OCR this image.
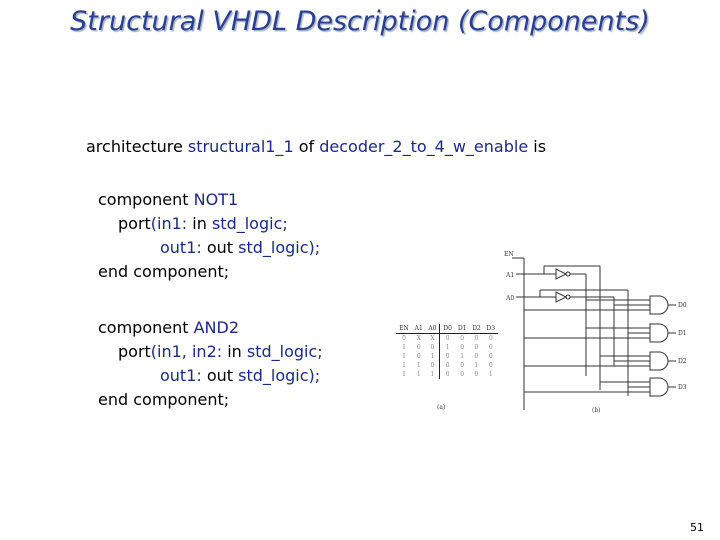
Structural VHDL Description (Components)
architecture structural1_1 of decoder_2_to_4_w_enable is
component NOT1
port(in1: in std_logic;
out1: out std_logic);
end component;
component AND2
port(in1, in2: in std_logic;
out1: out std_logic);
end component;
EN	A1	A0	D0	D1	D2	D3
0	X	X	0	0	0	0
1	0	0	1	0	0	0
1	0	1	0	1	0	0
1	1	0	0	0	1	0
1	1	1	0	0	0	1
(a)
EN
A1
A0
D0
D1
D2
D3
(b)
51
